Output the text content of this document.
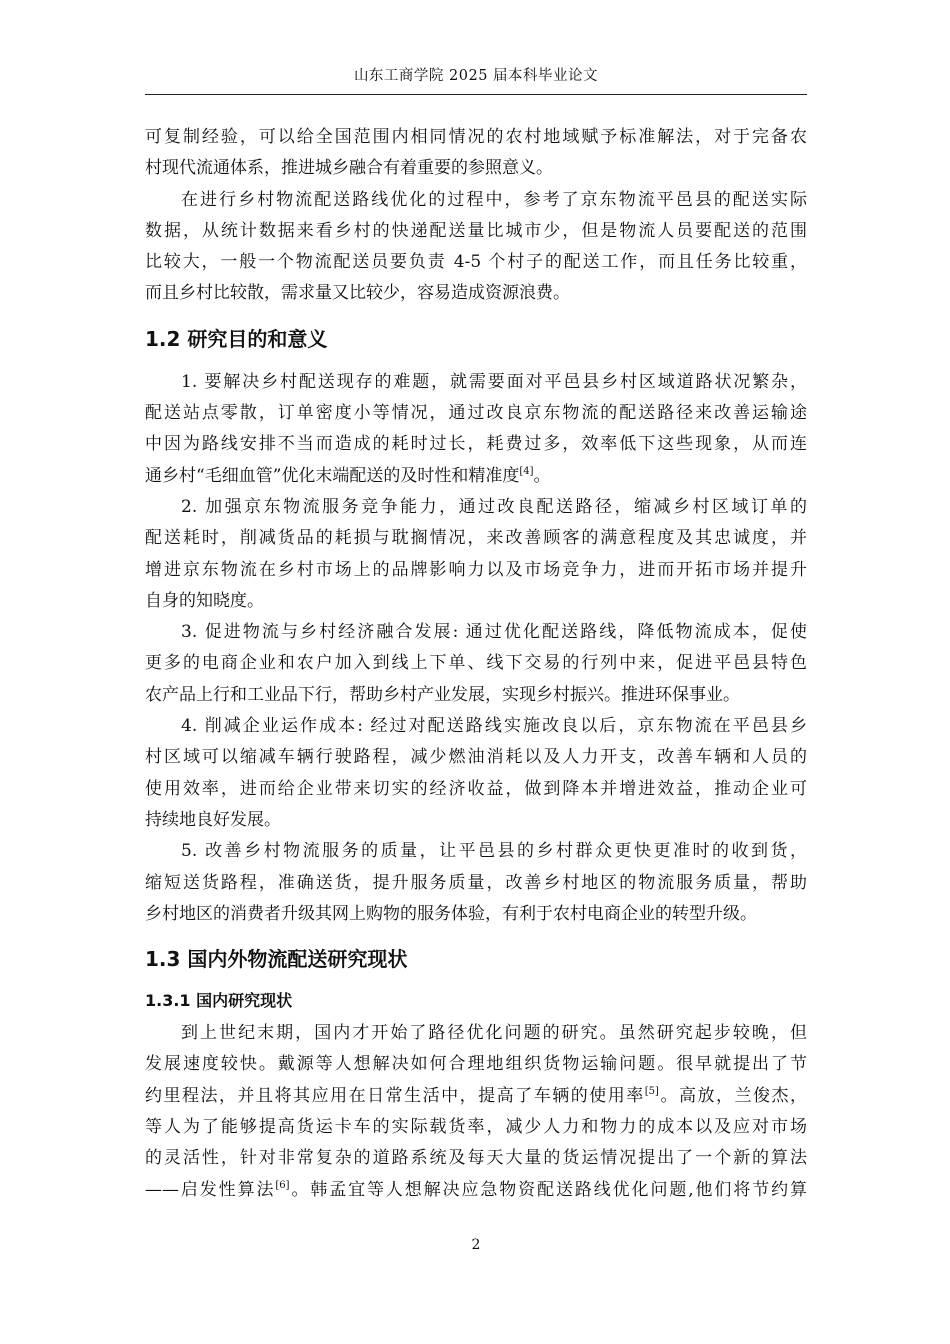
山东工商学院 2025 届本科毕业论文
可复制经验，可以给全国范围内相同情况的农村地域赋予标准解法，对于完备农
村现代流通体系，推进城乡融合有着重要的参照意义。
在进行乡村物流配送路线优化的过程中，参考了京东物流平邑县的配送实际
数据，从统计数据来看乡村的快递配送量比城市少，但是物流人员要配送的范围
比较大，一般一个物流配送员要负责 4-5 个村子的配送工作，而且任务比较重，
而且乡村比较散，需求量又比较少，容易造成资源浪费。
1.2 研究目的和意义
1. 要解决乡村配送现存的难题，就需要面对平邑县乡村区域道路状况繁杂，
配送站点零散，订单密度小等情况，通过改良京东物流的配送路径来改善运输途
中因为路线安排不当而造成的耗时过长，耗费过多，效率低下这些现象，从而连
通乡村“毛细血管”优化末端配送的及时性和精准度[4]。
2. 加强京东物流服务竞争能力，通过改良配送路径，缩减乡村区域订单的
配送耗时，削减货品的耗损与耽搁情况，来改善顾客的满意程度及其忠诚度，并
增进京东物流在乡村市场上的品牌影响力以及市场竞争力，进而开拓市场并提升
自身的知晓度。
3. 促进物流与乡村经济融合发展: 通过优化配送路线，降低物流成本，促使
更多的电商企业和农户加入到线上下单、线下交易的行列中来，促进平邑县特色
农产品上行和工业品下行，帮助乡村产业发展，实现乡村振兴。推进环保事业。
4. 削减企业运作成本: 经过对配送路线实施改良以后，京东物流在平邑县乡
村区域可以缩减车辆行驶路程，减少燃油消耗以及人力开支，改善车辆和人员的
使用效率，进而给企业带来切实的经济收益，做到降本并增进效益，推动企业可
持续地良好发展。
5. 改善乡村物流服务的质量，让平邑县的乡村群众更快更准时的收到货，
缩短送货路程，准确送货，提升服务质量，改善乡村地区的物流服务质量，帮助
乡村地区的消费者升级其网上购物的服务体验，有利于农村电商企业的转型升级。
1.3 国内外物流配送研究现状
1.3.1 国内研究现状
到上世纪末期，国内才开始了路径优化问题的研究。虽然研究起步较晚，但
发展速度较快。戴源等人想解决如何合理地组织货物运输问题。很早就提出了节
约里程法，并且将其应用在日常生活中，提高了车辆的使用率[5]。高放，兰俊杰，
等人为了能够提高货运卡车的实际载货率，减少人力和物力的成本以及应对市场
的灵活性，针对非常复杂的道路系统及每天大量的货运情况提出了一个新的算法
——启发性算法[6]。韩孟宜等人想解决应急物资配送路线优化问题,他们将节约算
2
